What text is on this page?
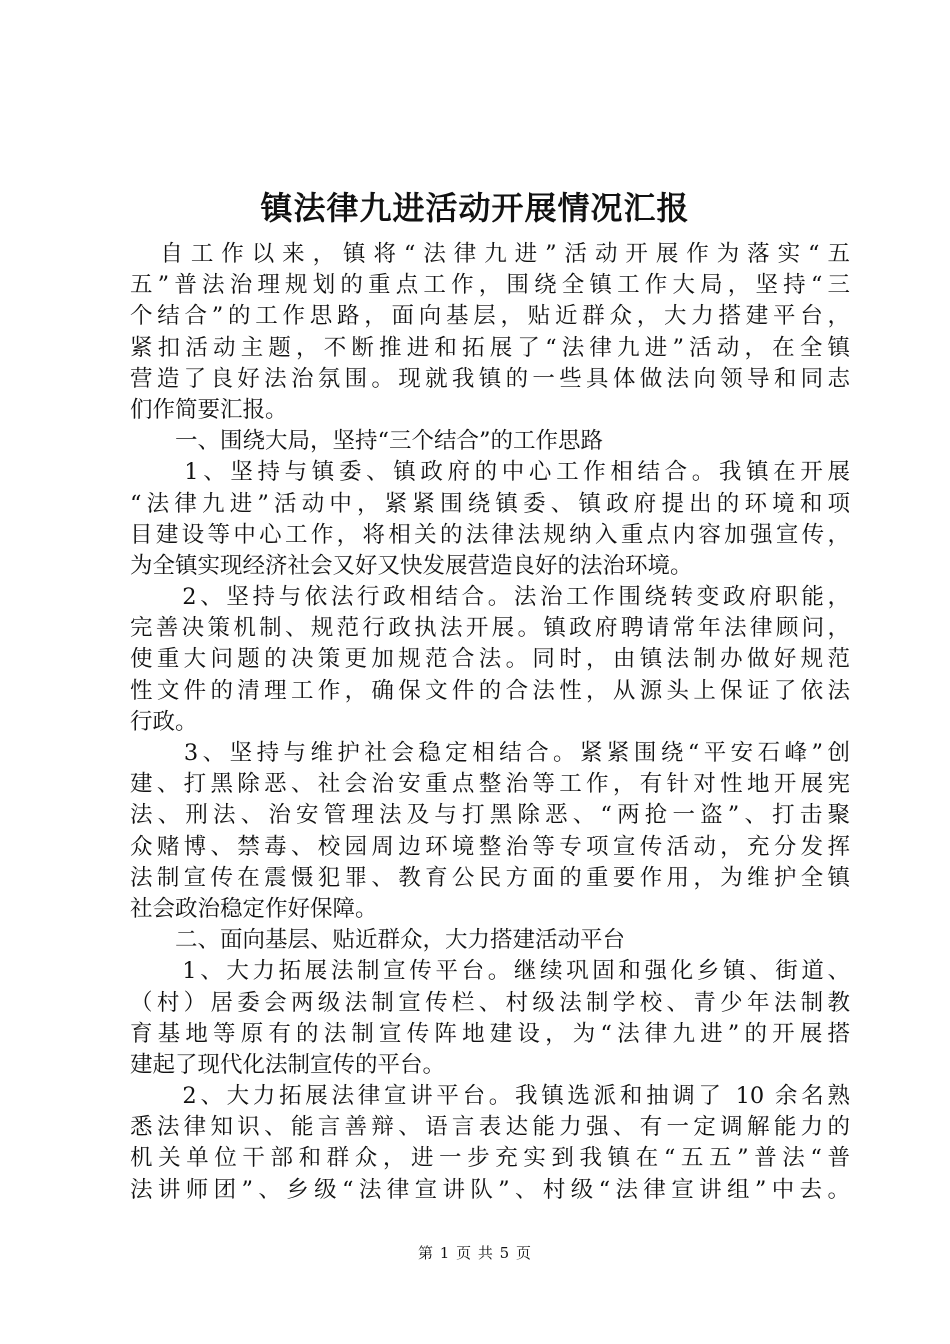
镇法律九进活动开展情况汇报
　自工作以来，镇将“法律九进”活动开展作为落实“五
五”普法治理规划的重点工作，围绕全镇工作大局，坚持“三
个结合”的工作思路，面向基层，贴近群众，大力搭建平台，
紧扣活动主题，不断推进和拓展了“法律九进”活动，在全镇
营造了良好法治氛围。现就我镇的一些具体做法向领导和同志
们作简要汇报。
　　一、围绕大局，坚持“三个结合”的工作思路
　　1、坚持与镇委、镇政府的中心工作相结合。我镇在开展
“法律九进”活动中，紧紧围绕镇委、镇政府提出的环境和项
目建设等中心工作，将相关的法律法规纳入重点内容加强宣传，
为全镇实现经济社会又好又快发展营造良好的法治环境。
　　2、坚持与依法行政相结合。法治工作围绕转变政府职能，
完善决策机制、规范行政执法开展。镇政府聘请常年法律顾问，
使重大问题的决策更加规范合法。同时，由镇法制办做好规范
性文件的清理工作，确保文件的合法性，从源头上保证了依法
行政。
　　3、坚持与维护社会稳定相结合。紧紧围绕“平安石峰”创
建、打黑除恶、社会治安重点整治等工作，有针对性地开展宪
法、刑法、治安管理法及与打黑除恶、“两抢一盗”、打击聚
众赌博、禁毒、校园周边环境整治等专项宣传活动，充分发挥
法制宣传在震慑犯罪、教育公民方面的重要作用，为维护全镇
社会政治稳定作好保障。
　　二、面向基层、贴近群众，大力搭建活动平台
　　1、大力拓展法制宣传平台。继续巩固和强化乡镇、街道、
（村）居委会两级法制宣传栏、村级法制学校、青少年法制教
育基地等原有的法制宣传阵地建设，为“法律九进”的开展搭
建起了现代化法制宣传的平台。
　　2、大力拓展法律宣讲平台。我镇选派和抽调了 10 余名熟
悉法律知识、能言善辩、语言表达能力强、有一定调解能力的
机关单位干部和群众，进一步充实到我镇在“五五”普法“普
法讲师团”、乡级“法律宣讲队”、村级“法律宣讲组”中去。
第 1 页 共 5 页
